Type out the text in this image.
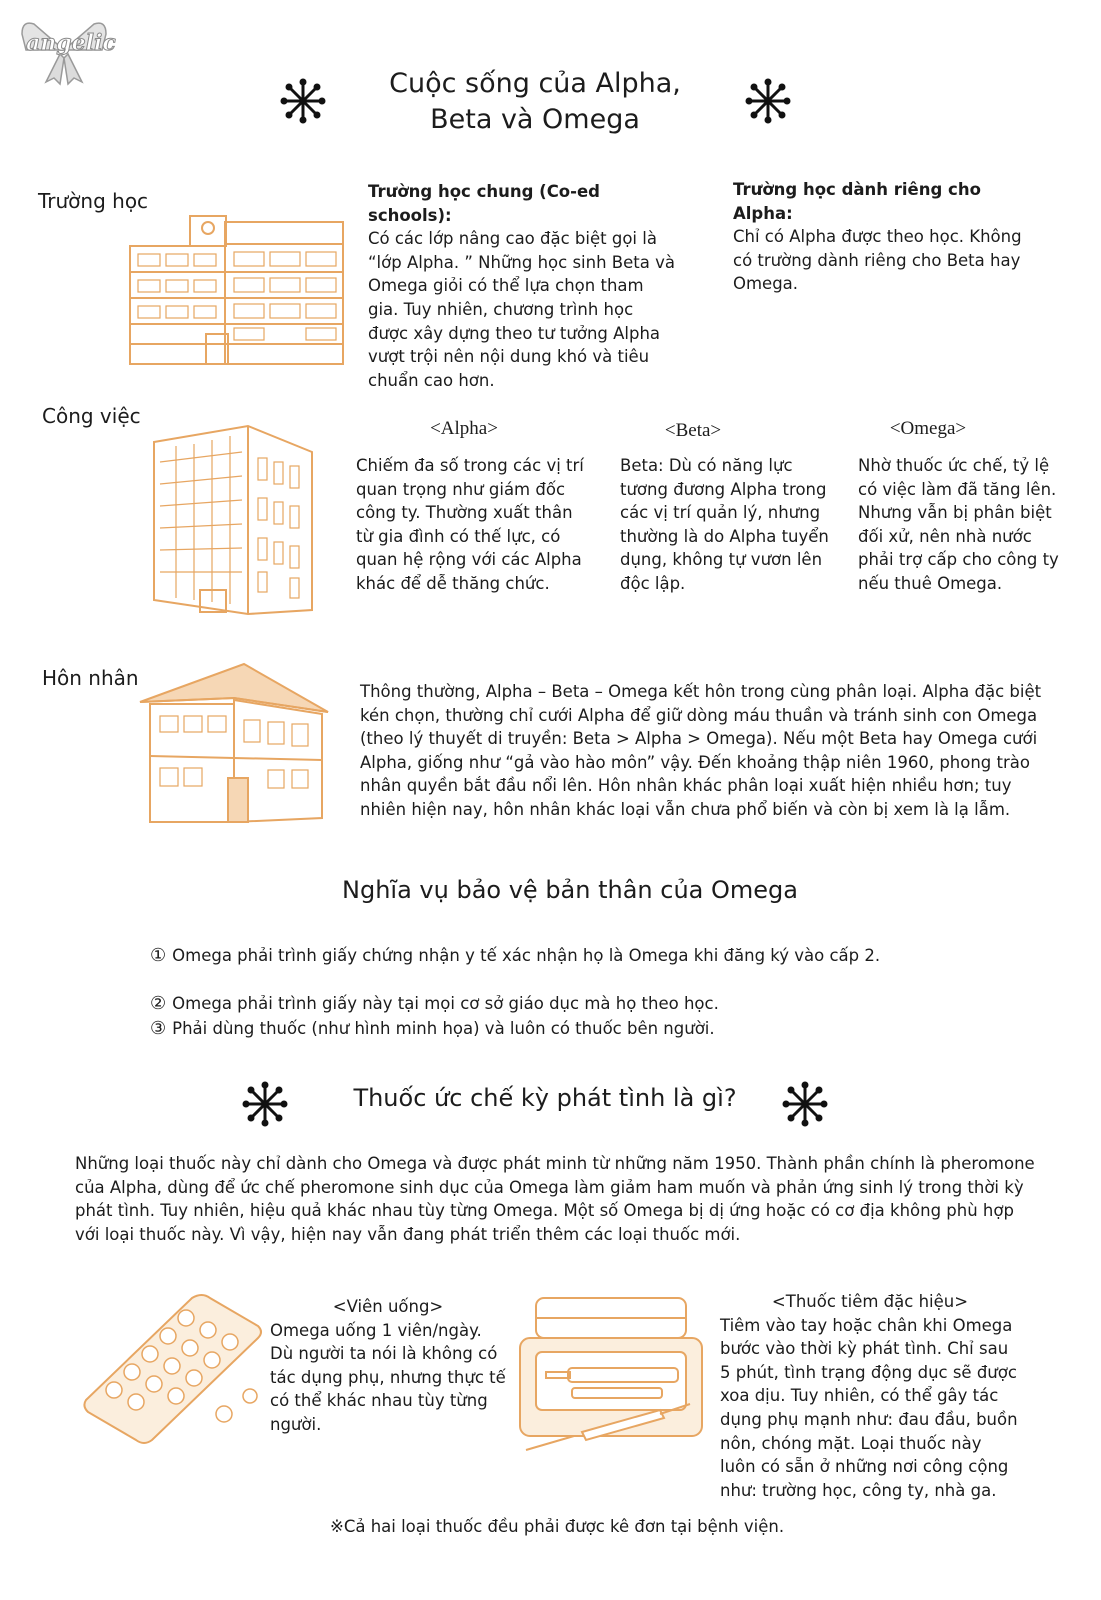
angelic
Cuộc sống của Alpha,
Beta và Omega
Trường học	Trường học chung (Co-ed schools):
Có các lớp nâng cao đặc biệt gọi là “lớp Alpha. ” Những học sinh Beta và Omega giỏi có thể lựa chọn tham gia. Tuy nhiên, chương trình học được xây dựng theo tư tưởng Alpha vượt trội nên nội dung khó và tiêu chuẩn cao hơn.
Trường học dành riêng cho Alpha:
Chỉ có Alpha được theo học. Không có trường dành riêng cho Beta hay Omega.
Công việc
<Alpha>
Chiếm đa số trong các vị trí quan trọng như giám đốc công ty. Thường xuất thân từ gia đình có thế lực, có quan hệ rộng với các Alpha khác để dễ thăng chức.
<Beta>
Beta: Dù có năng lực tương đương Alpha trong các vị trí quản lý, nhưng thường là do Alpha tuyển dụng, không tự vươn lên độc lập.
<Omega>
Nhờ thuốc ức chế, tỷ lệ có việc làm đã tăng lên. Nhưng vẫn bị phân biệt đối xử, nên nhà nước phải trợ cấp cho công ty nếu thuê Omega.
Hôn nhân
Thông thường, Alpha – Beta – Omega kết hôn trong cùng phân loại. Alpha đặc biệt kén chọn, thường chỉ cưới Alpha để giữ dòng máu thuần và tránh sinh con Omega (theo lý thuyết di truyền: Beta > Alpha > Omega). Nếu một Beta hay Omega cưới Alpha, giống như “gả vào hào môn” vậy. Đến khoảng thập niên 1960, phong trào nhân quyền bắt đầu nổi lên. Hôn nhân khác phân loại xuất hiện nhiều hơn; tuy nhiên hiện nay, hôn nhân khác loại vẫn chưa phổ biến và còn bị xem là lạ lẫm.
Nghĩa vụ bảo vệ bản thân của Omega
① Omega phải trình giấy chứng nhận y tế xác nhận họ là Omega khi đăng ký vào cấp 2.
② Omega phải trình giấy này tại mọi cơ sở giáo dục mà họ theo học.
③ Phải dùng thuốc (như hình minh họa) và luôn có thuốc bên người.
Thuốc ức chế kỳ phát tình là gì?
Những loại thuốc này chỉ dành cho Omega và được phát minh từ những năm 1950. Thành phần chính là pheromone của Alpha, dùng để ức chế pheromone sinh dục của Omega làm giảm ham muốn và phản ứng sinh lý trong thời kỳ phát tình. Tuy nhiên, hiệu quả khác nhau tùy từng Omega. Một số Omega bị dị ứng hoặc có cơ địa không phù hợp với loại thuốc này. Vì vậy, hiện nay vẫn đang phát triển thêm các loại thuốc mới.
<Viên uống>
Omega uống 1 viên/ngày. Dù người ta nói là không có tác dụng phụ, nhưng thực tế có thể khác nhau tùy từng người.
<Thuốc tiêm đặc hiệu>
Tiêm vào tay hoặc chân khi Omega bước vào thời kỳ phát tình. Chỉ sau 5 phút, tình trạng động dục sẽ được xoa dịu. Tuy nhiên, có thể gây tác dụng phụ mạnh như: đau đầu, buồn nôn, chóng mặt. Loại thuốc này luôn có sẵn ở những nơi công cộng như: trường học, công ty, nhà ga.
※Cả hai loại thuốc đều phải được kê đơn tại bệnh viện.
